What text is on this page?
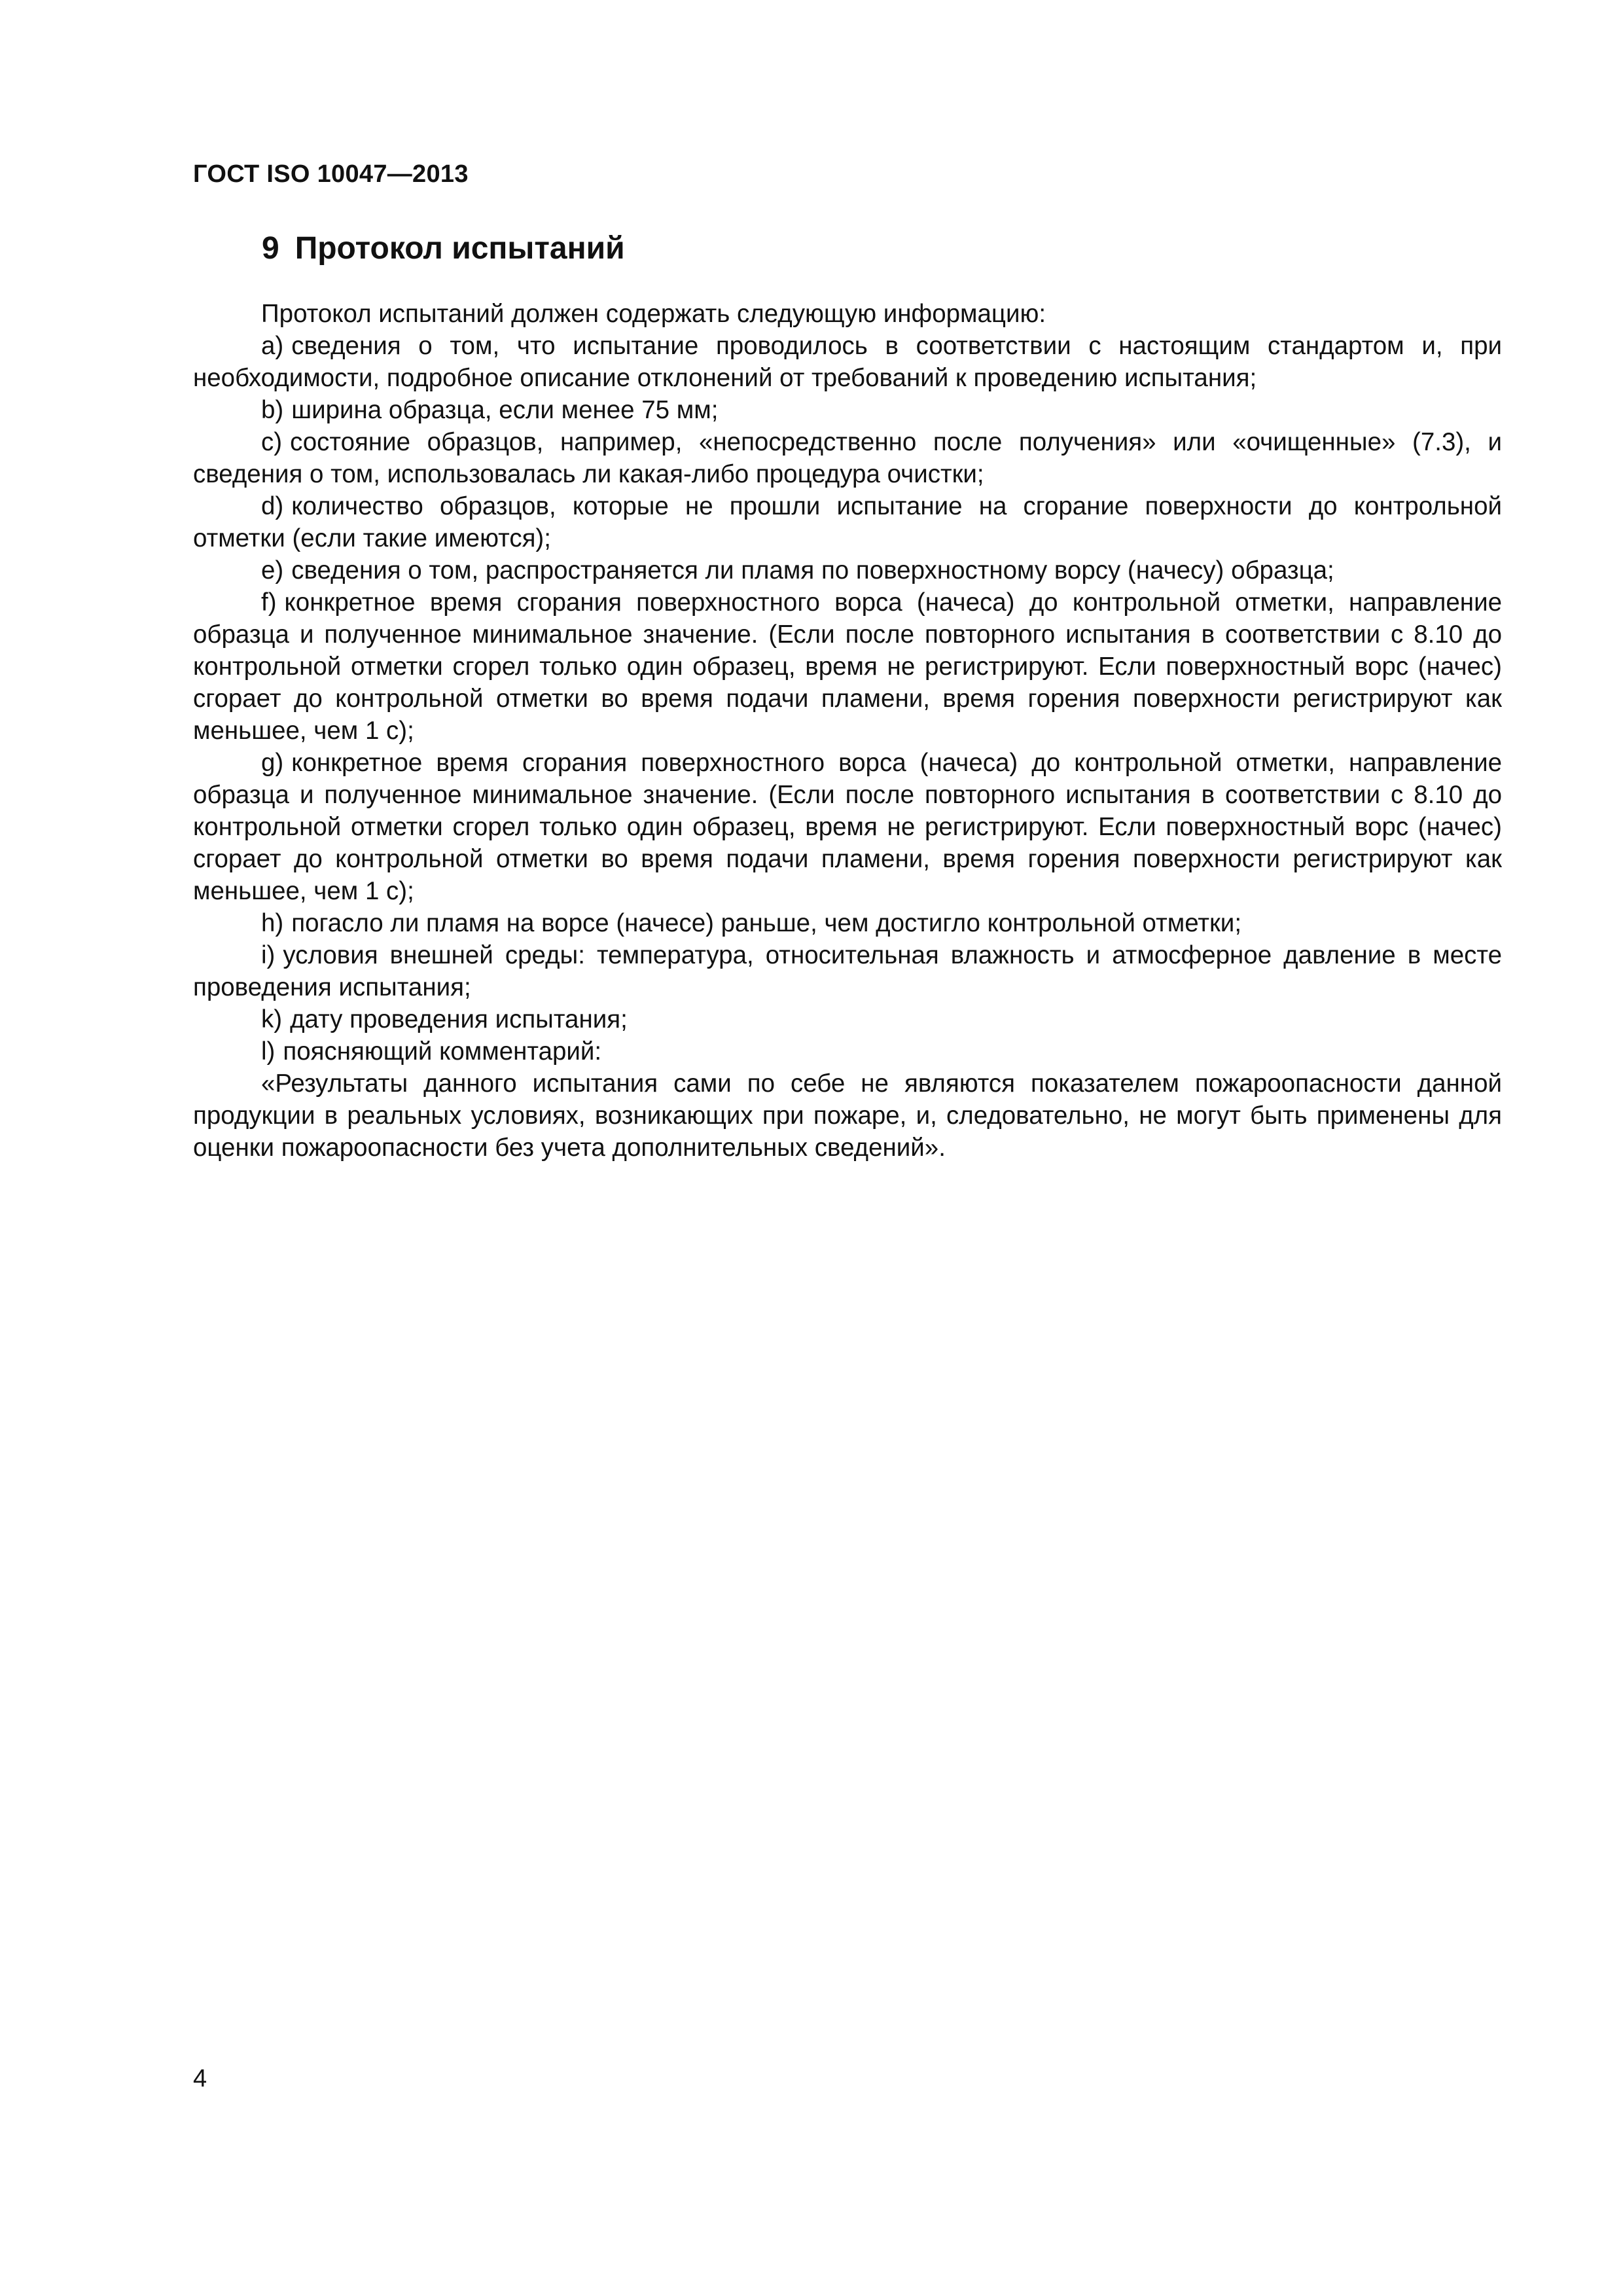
ГОСТ ISO 10047—2013
9 Протокол испытаний

Протокол испытаний должен содержать следующую информацию:

a) сведения о том, что испытание проводилось в соответствии с настоящим стандартом и, при необходимости, подробное описание отклонений от требований к проведению испытания;

b) ширина образца, если менее 75 мм;

c) состояние образцов, например, «непосредственно после получения» или «очищенные» (7.3), и сведения о том, использовалась ли какая-либо процедура очистки;

d) количество образцов, которые не прошли испытание на сгорание поверхности до контрольной отметки (если такие имеются);

e) сведения о том, распространяется ли пламя по поверхностному ворсу (начесу) образца;

f) конкретное время сгорания поверхностного ворса (начеса) до контрольной отметки, направление образца и полученное минимальное значение. (Если после повторного испытания в соответствии с 8.10 до контрольной отметки сгорел только один образец, время не регистрируют. Если поверхностный ворс (начес) сгорает до контрольной отметки во время подачи пламени, время горения поверхности регистрируют как меньшее, чем 1 с);

g) конкретное время сгорания поверхностного ворса (начеса) до контрольной отметки, направление образца и полученное минимальное значение. (Если после повторного испытания в соответствии с 8.10 до контрольной отметки сгорел только один образец, время не регистрируют. Если поверхностный ворс (начес) сгорает до контрольной отметки во время подачи пламени, время горения поверхности регистрируют как меньшее, чем 1 с);

h) погасло ли пламя на ворсе (начесе) раньше, чем достигло контрольной отметки;

i) условия внешней среды: температура, относительная влажность и атмосферное давление в месте проведения испытания;

k) дату проведения испытания;

l) поясняющий комментарий:

«Результаты данного испытания сами по себе не являются показателем пожароопасности данной продукции в реальных условиях, возникающих при пожаре, и, следовательно, не могут быть применены для оценки пожароопасности без учета дополнительных сведений».

4
